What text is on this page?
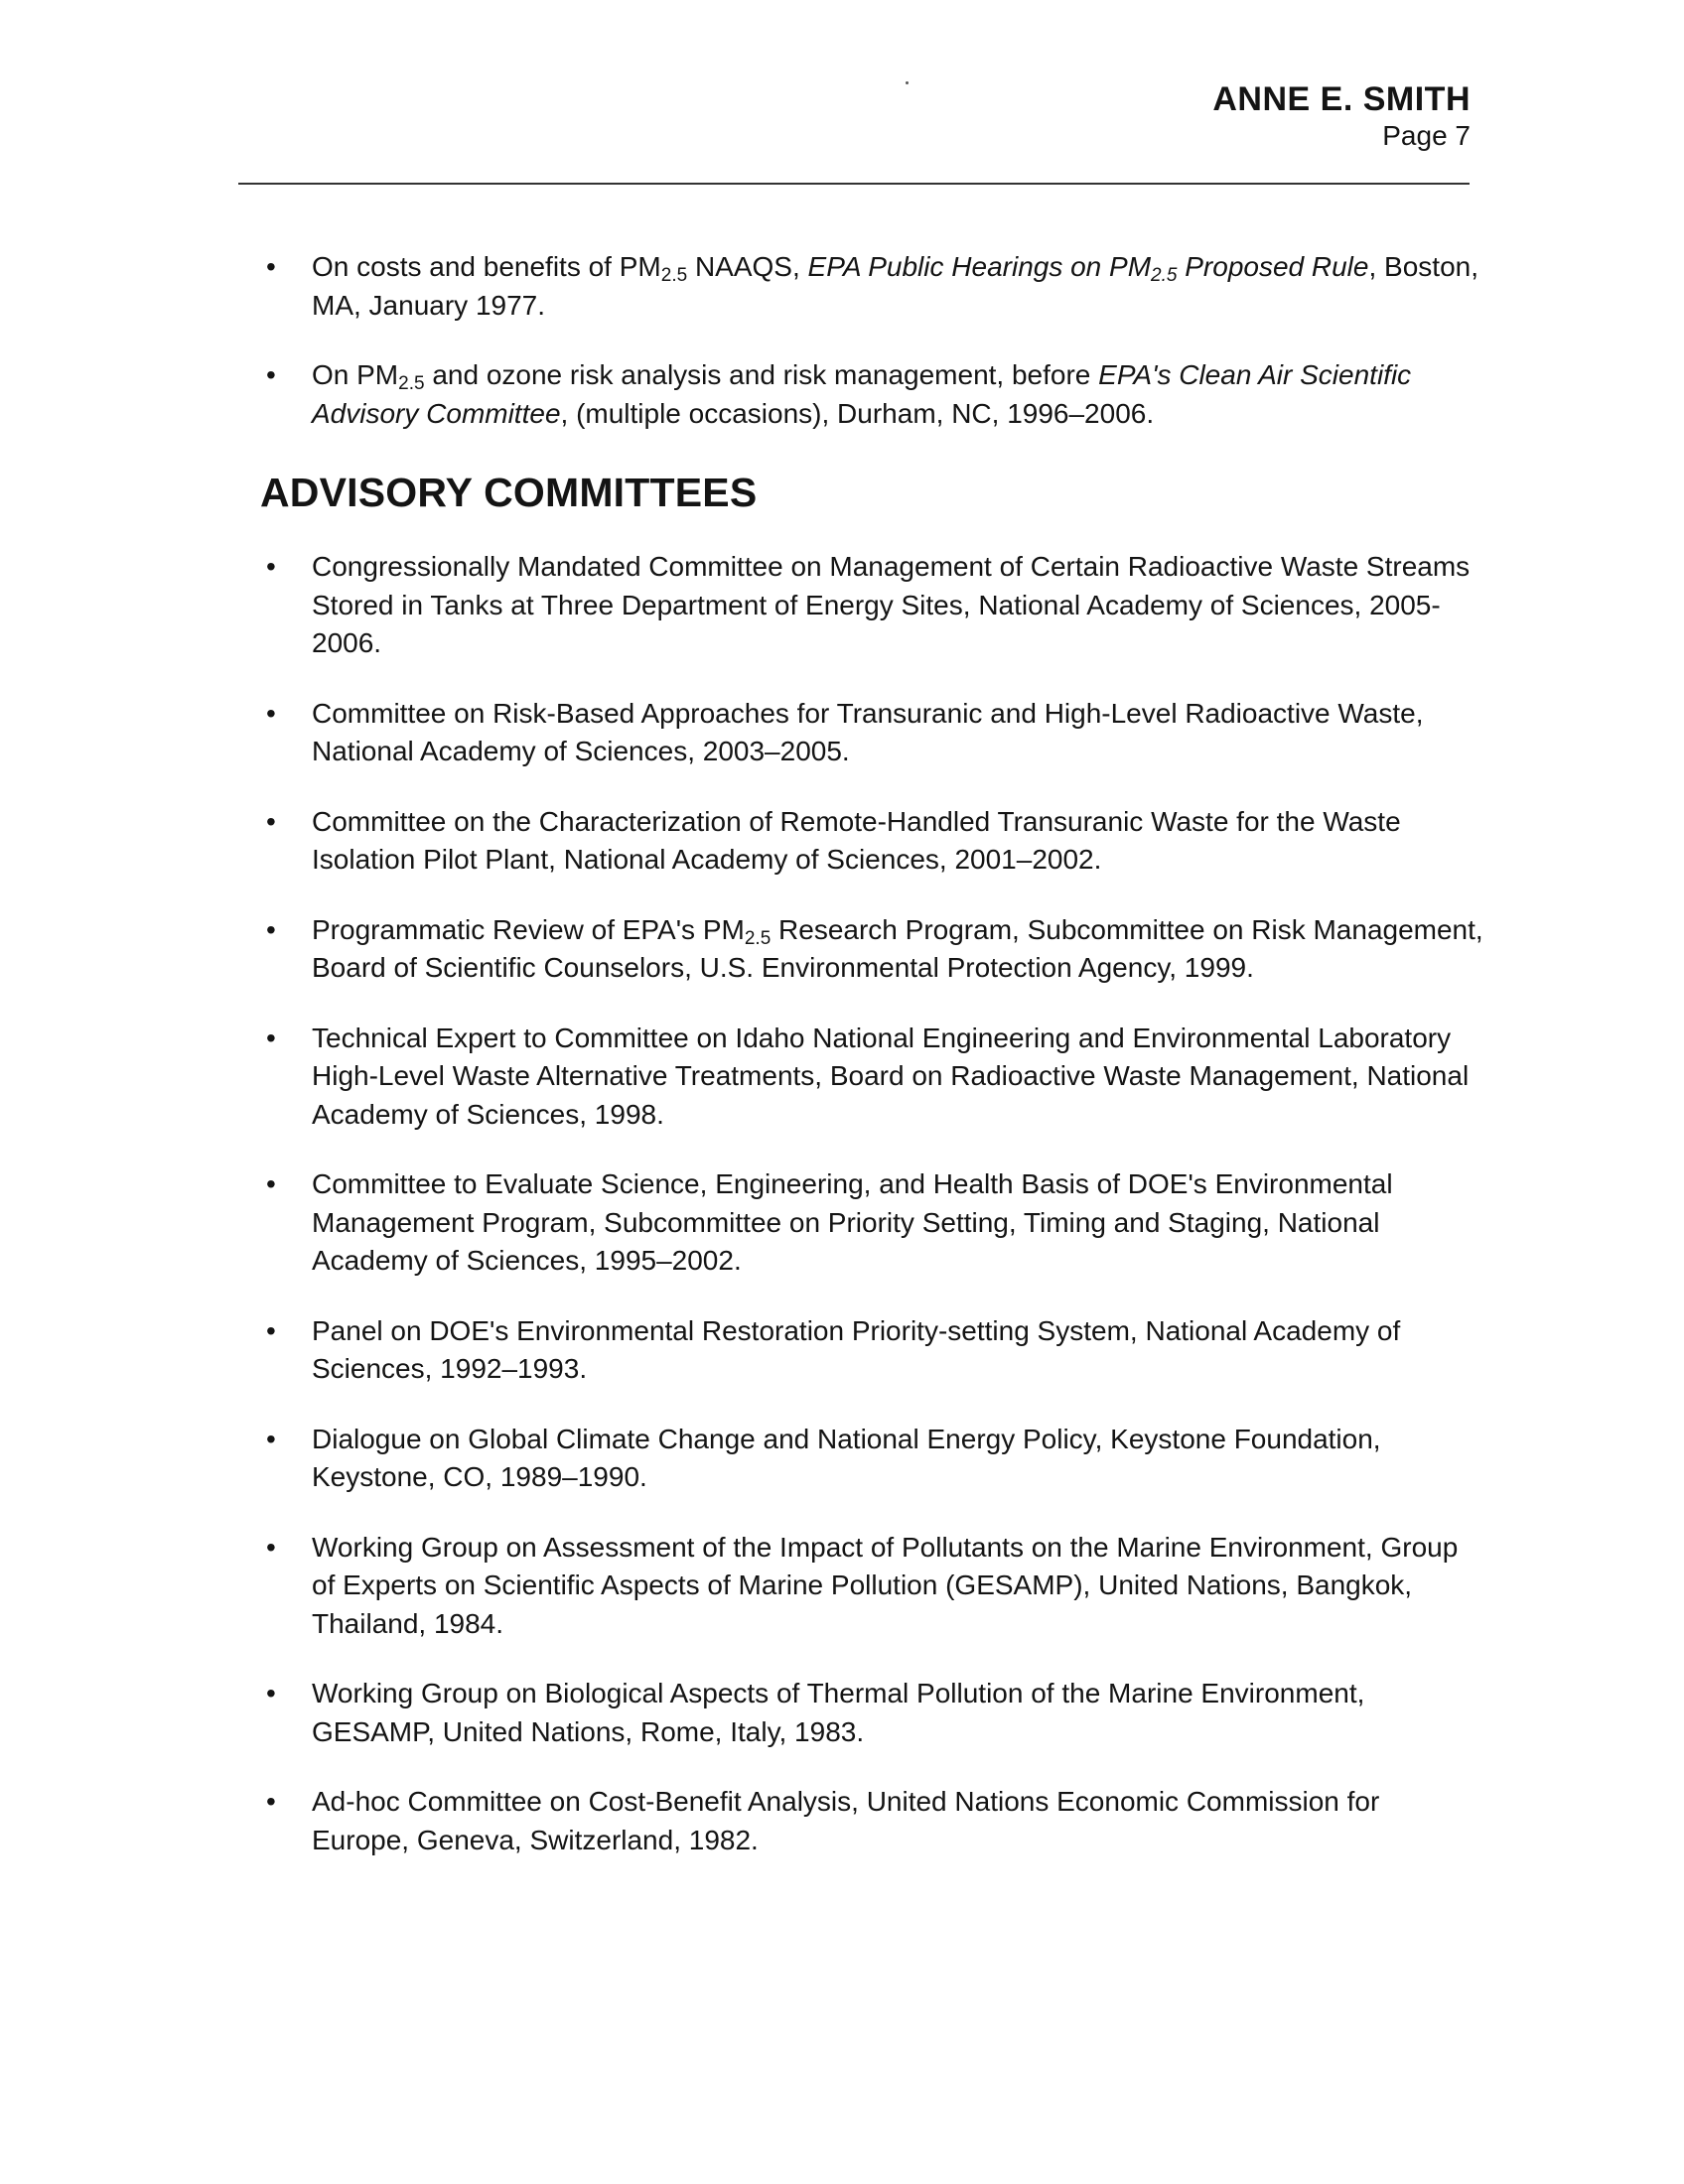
ANNE E. SMITH
Page 7
• On costs and benefits of $PM_{2.5}$ NAAQS, EPA Public Hearings on $PM_{2.5}$ Proposed Rule, Boston, MA, January 1977.
• On $PM_{2.5}$ and ozone risk analysis and risk management, before EPA's Clean Air Scientific Advisory Committee, (multiple occasions), Durham, NC, 1996–2006.
ADVISORY COMMITTEES
• Congressionally Mandated Committee on Management of Certain Radioactive Waste Streams Stored in Tanks at Three Department of Energy Sites, National Academy of Sciences, 2005-2006.
• Committee on Risk-Based Approaches for Transuranic and High-Level Radioactive Waste, National Academy of Sciences, 2003–2005.
• Committee on the Characterization of Remote-Handled Transuranic Waste for the Waste Isolation Pilot Plant, National Academy of Sciences, 2001–2002.
• Programmatic Review of EPA's $PM_{2.5}$ Research Program, Subcommittee on Risk Management, Board of Scientific Counselors, U.S. Environmental Protection Agency, 1999.
• Technical Expert to Committee on Idaho National Engineering and Environmental Laboratory High-Level Waste Alternative Treatments, Board on Radioactive Waste Management, National Academy of Sciences, 1998.
• Committee to Evaluate Science, Engineering, and Health Basis of DOE's Environmental Management Program, Subcommittee on Priority Setting, Timing and Staging, National Academy of Sciences, 1995–2002.
• Panel on DOE's Environmental Restoration Priority-setting System, National Academy of Sciences, 1992–1993.
• Dialogue on Global Climate Change and National Energy Policy, Keystone Foundation, Keystone, CO, 1989–1990.
• Working Group on Assessment of the Impact of Pollutants on the Marine Environment, Group of Experts on Scientific Aspects of Marine Pollution (GESAMP), United Nations, Bangkok, Thailand, 1984.
• Working Group on Biological Aspects of Thermal Pollution of the Marine Environment, GESAMP, United Nations, Rome, Italy, 1983.
• Ad-hoc Committee on Cost-Benefit Analysis, United Nations Economic Commission for Europe, Geneva, Switzerland, 1982.
